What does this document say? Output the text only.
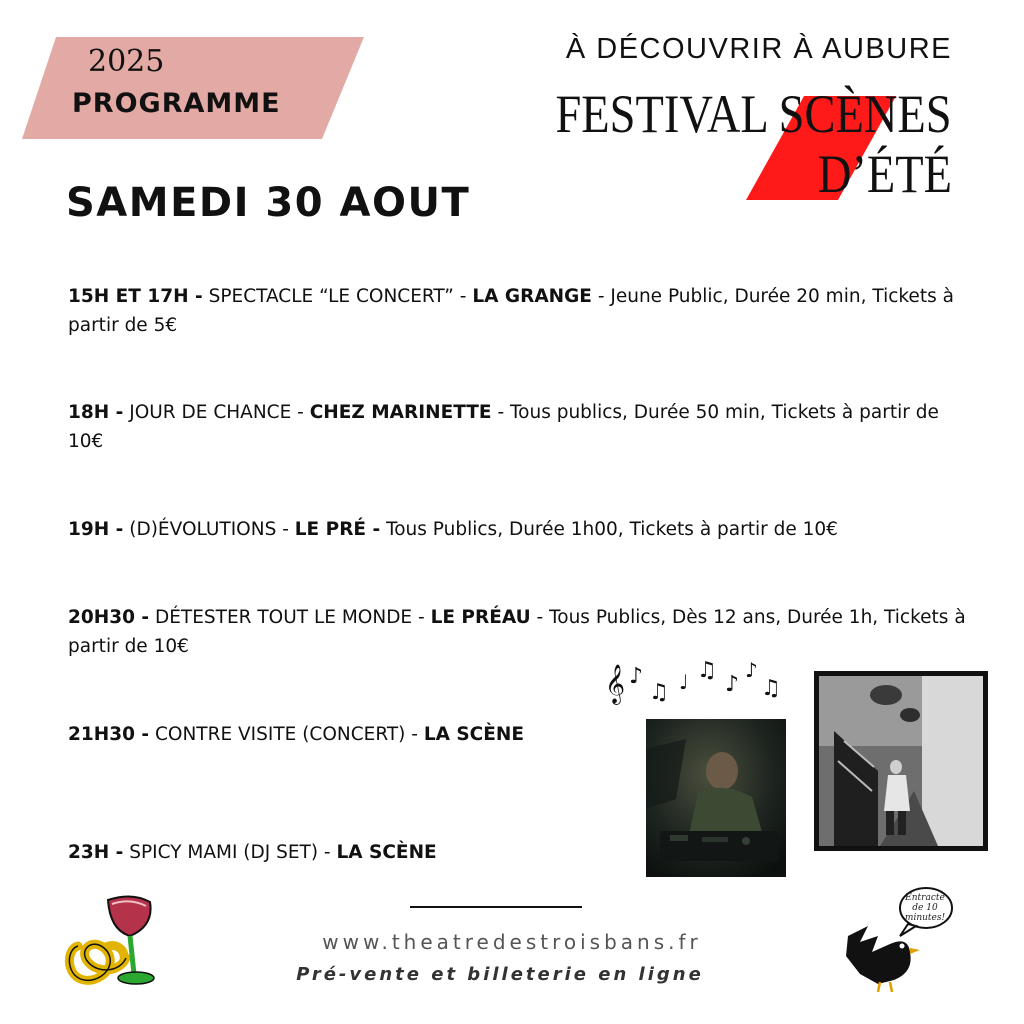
2025
PROGRAMME
À DÉCOUVRIR À AUBURE
FESTIVAL SCÈNES
D’ÉTÉ
SAMEDI 30 AOUT
15H ET 17H - SPECTACLE “LE CONCERT” - LA GRANGE - Jeune Public, Durée 20 min, Tickets à partir de 5€
18H - JOUR DE CHANCE - CHEZ MARINETTE - Tous publics, Durée 50 min, Tickets à partir de 10€
19H - (D)ÉVOLUTIONS - LE PRÉ - Tous Publics, Durée 1h00, Tickets à partir de 10€
20H30 - DÉTESTER TOUT LE MONDE - LE PRÉAU - Tous Publics, Dès 12 ans, Durée 1h, Tickets à partir de 10€
21H30 - CONTRE VISITE (CONCERT) - LA SCÈNE
23H - SPICY MAMI (DJ SET) - LA SCÈNE
𝄞 ♪
♫ ♩ ♫
♪
♪
♫
www.theatredestroisbans.fr
Pré-vente et billeterie en ligne
Entracte de 10 minutes!
